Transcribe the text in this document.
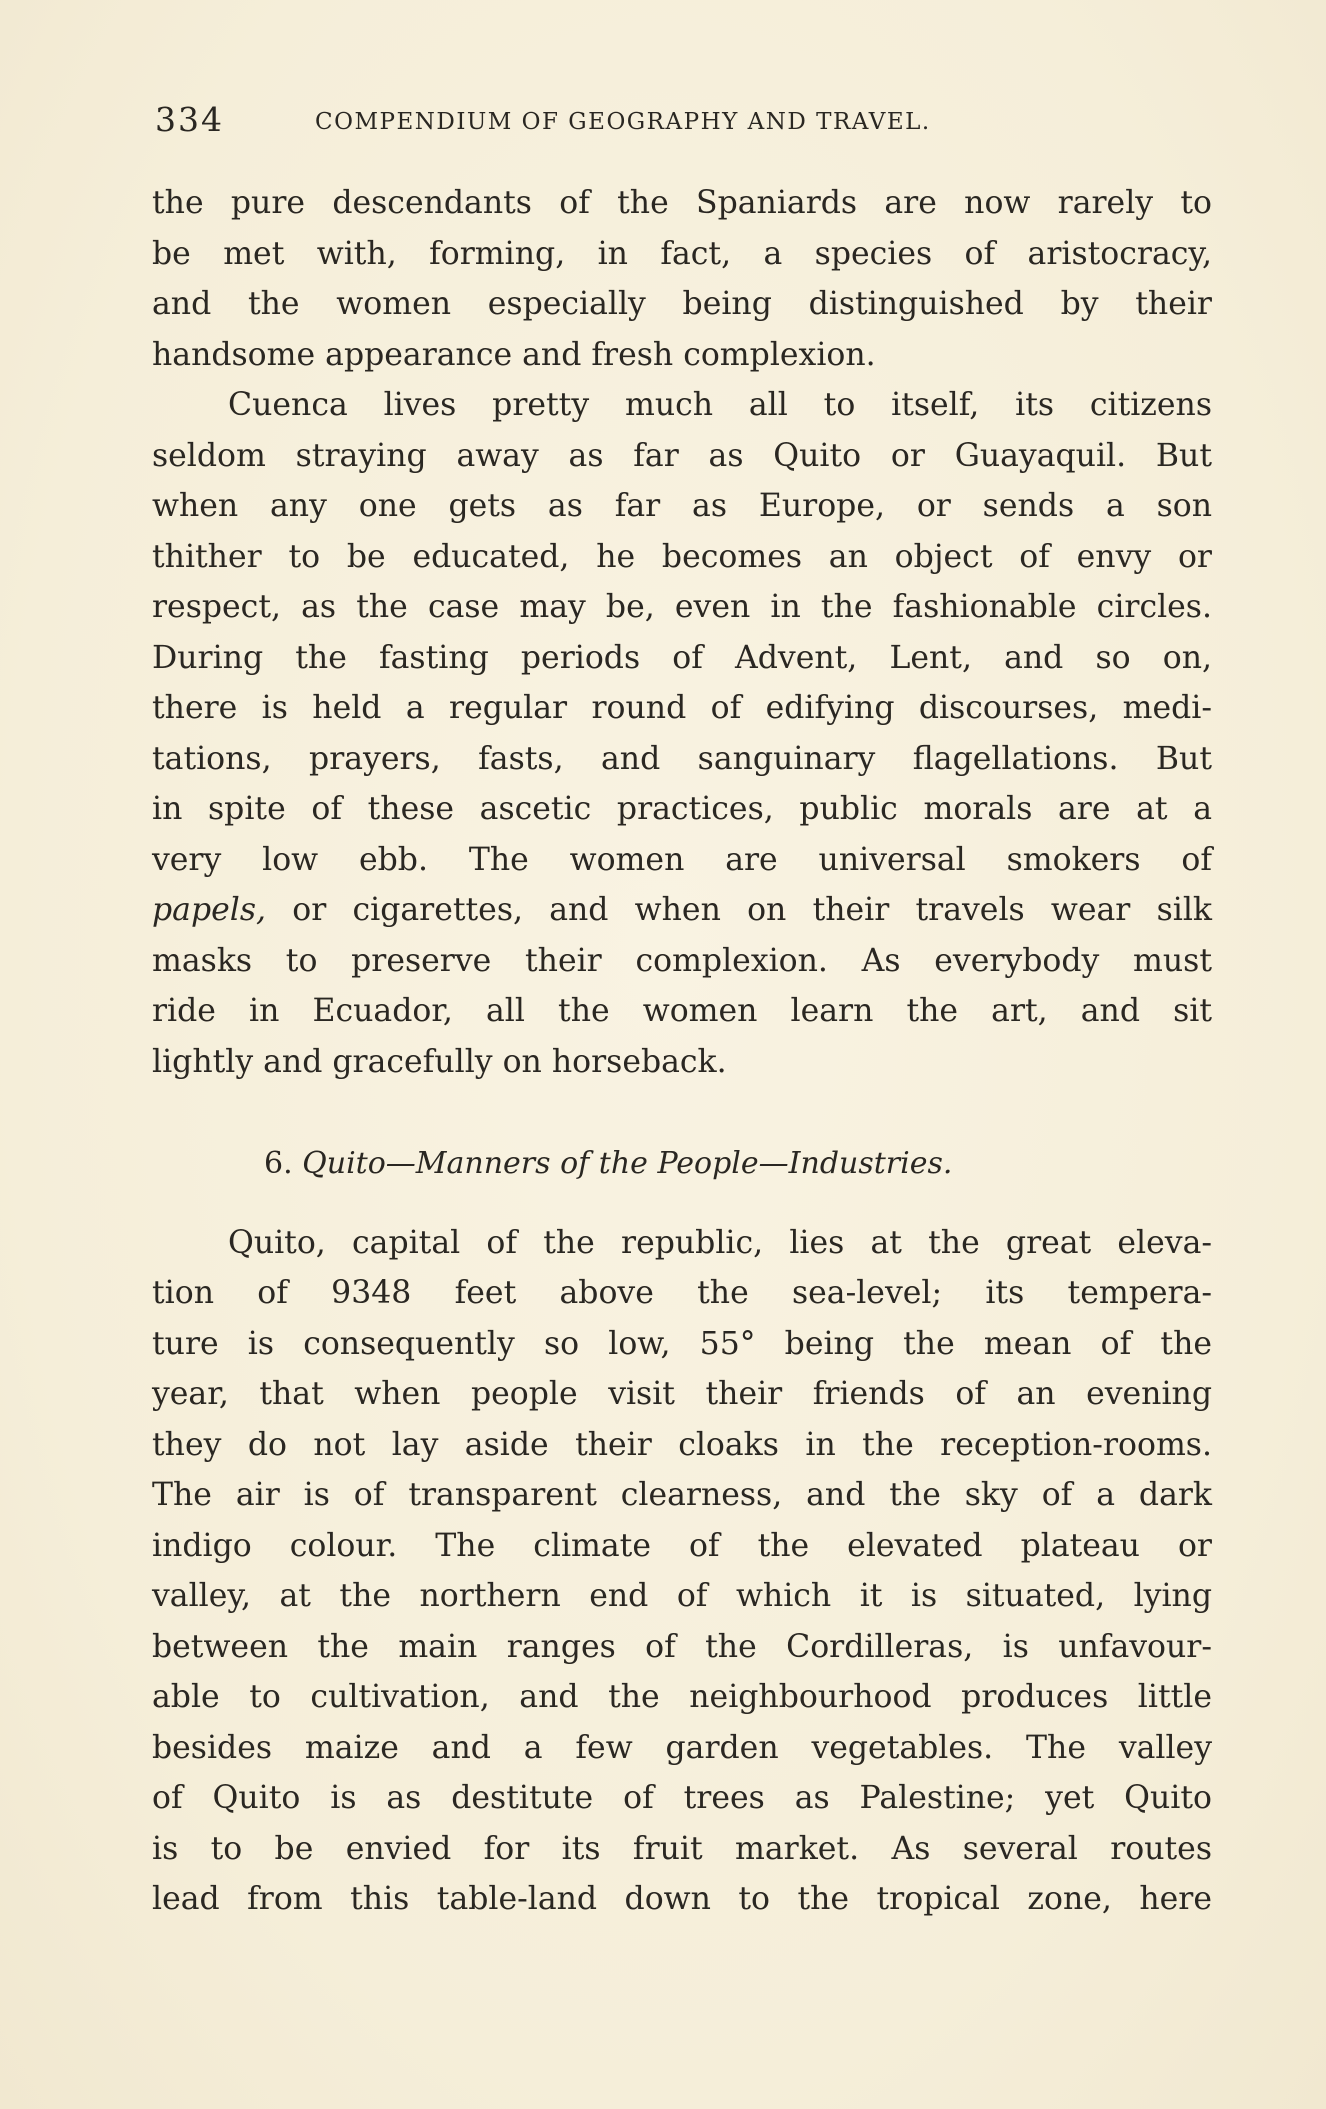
334	COMPENDIUM OF GEOGRAPHY AND TRAVEL.
the pure descendants of the Spaniards are now rarely to
be met with, forming, in fact, a species of aristocracy,
and the women especially being distinguished by their
handsome appearance and fresh complexion.
Cuenca lives pretty much all to itself, its citizens
seldom straying away as far as Quito or Guayaquil. But
when any one gets as far as Europe, or sends a son
thither to be educated, he becomes an object of envy or
respect, as the case may be, even in the fashionable circles.
During the fasting periods of Advent, Lent, and so on,
there is held a regular round of edifying discourses, medi-
tations, prayers, fasts, and sanguinary flagellations. But
in spite of these ascetic practices, public morals are at a
very low ebb. The women are universal smokers of
papels, or cigarettes, and when on their travels wear silk
masks to preserve their complexion. As everybody must
ride in Ecuador, all the women learn the art, and sit
lightly and gracefully on horseback.
6. Quito—Manners of the People—Industries.
Quito, capital of the republic, lies at the great eleva-
tion of 9348 feet above the sea-level; its tempera-
ture is consequently so low, 55° being the mean of the
year, that when people visit their friends of an evening
they do not lay aside their cloaks in the reception-rooms.
The air is of transparent clearness, and the sky of a dark
indigo colour. The climate of the elevated plateau or
valley, at the northern end of which it is situated, lying
between the main ranges of the Cordilleras, is unfavour-
able to cultivation, and the neighbourhood produces little
besides maize and a few garden vegetables. The valley
of Quito is as destitute of trees as Palestine; yet Quito
is to be envied for its fruit market. As several routes
lead from this table-land down to the tropical zone, here
